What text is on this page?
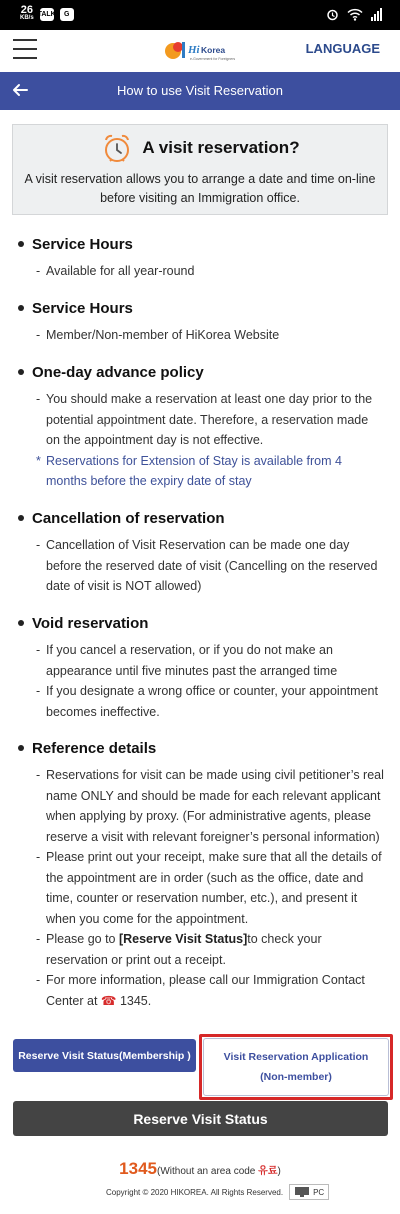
26
KB/s
TALK	G
Hi Korea
e-Government for Foreigners
LANGUAGE
How to use Visit Reservation
A visit reservation?

A visit reservation allows you to arrange a date and time on-line before visiting an Immigration office.

Service Hours
- Available for all year-round
Service Hours
- Member/Non-member of HiKorea Website
One-day advance policy
- You should make a reservation at least one day prior to the potential appointment date. Therefore, a reservation made on the appointment day is not effective.
* Reservations for Extension of Stay is available from 4 months before the expiry date of stay
Cancellation of reservation
- Cancellation of Visit Reservation can be made one day before the reserved date of visit (Cancelling on the reserved date of visit is NOT allowed)
Void reservation
- If you cancel a reservation, or if you do not make an appearance until five minutes past the arranged time
- If you designate a wrong office or counter, your appointment becomes ineffective.
Reference details
- Reservations for visit can be made using civil petitioner’s real name ONLY and should be made for each relevant applicant when applying by proxy. (For administrative agents, please reserve a visit with relevant foreigner’s personal information)
- Please print out your receipt, make sure that all the details of the appointment are in order (such as the office, date and time, counter or reservation number, etc.), and present it when you come for the appointment.
- Please go to [Reserve Visit Status]to check your reservation or print out a receipt.
- For more information, please call our Immigration Contact Center at ☎ 1345.
Reserve Visit Status(Membership )	Visit Reservation Application (Non-member)
Reserve Visit Status
1345(Without an area code 유료)
Copyright © 2020 HIKOREA. All Rights Reserved.	PC
